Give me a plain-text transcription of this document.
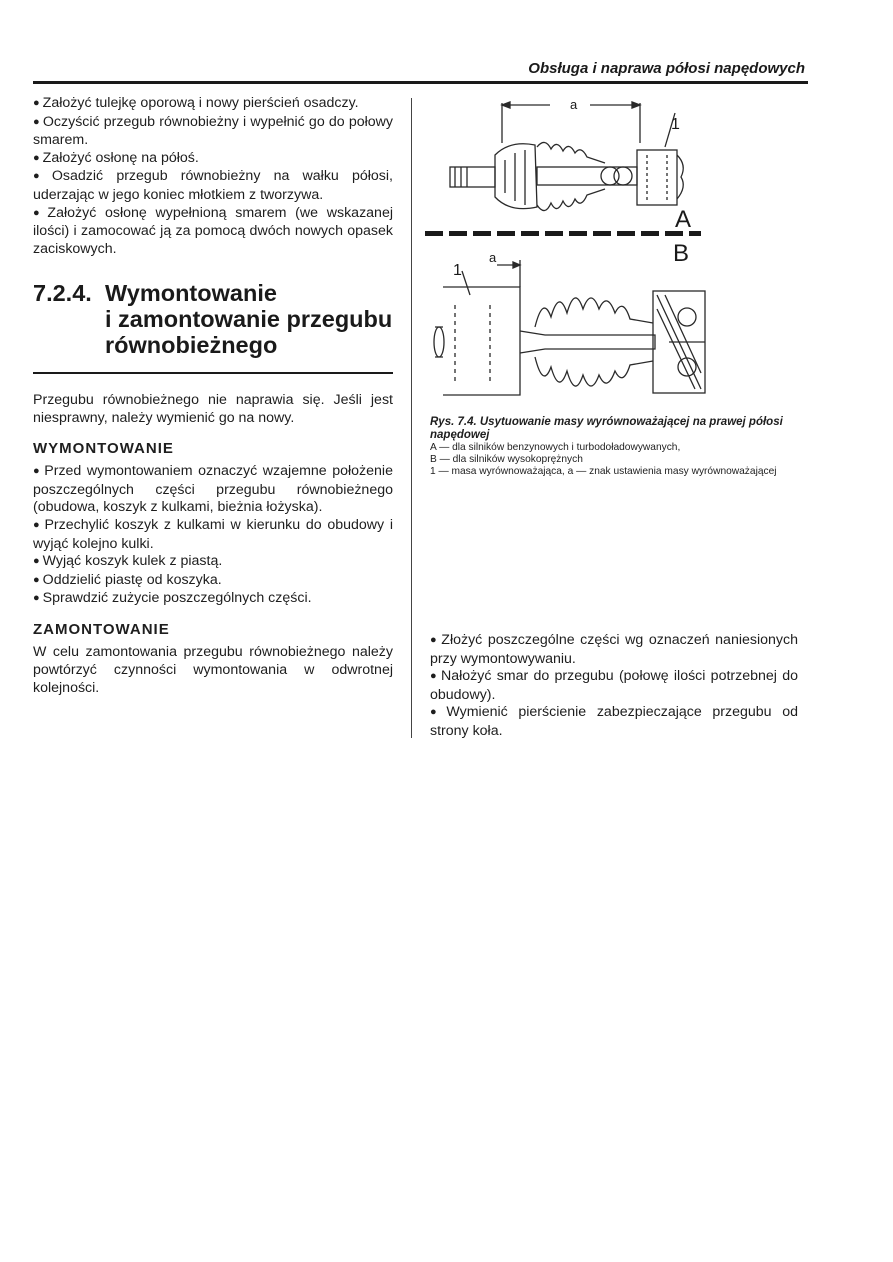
Obsługa i naprawa półosi napędowych

● Założyć tulejkę oporową i nowy pierścień osadczy.

● Oczyścić przegub równobieżny i wypełnić go do połowy smarem.

● Założyć osłonę na półoś.

● Osadzić przegub równobieżny na wałku półosi, uderzając w jego koniec młotkiem z tworzywa.

● Założyć osłonę wypełnioną smarem (we wskazanej ilości) i zamocować ją za pomocą dwóch nowych opasek zaciskowych.

7.2.4. Wymontowanie
i zamontowanie przegubu
równobieżnego

Przegubu równobieżnego nie naprawia się. Jeśli jest niesprawny, należy wymienić go na nowy.

WYMONTOWANIE

● Przed wymontowaniem oznaczyć wzajemne położenie poszczególnych części przegubu równobieżnego (obudowa, koszyk z kulkami, bieżnia łożyska).

● Przechylić koszyk z kulkami w kierunku do obudowy i wyjąć kolejno kulki.

● Wyjąć koszyk kulek z piastą.

● Oddzielić piastę od koszyka.

● Sprawdzić zużycie poszczególnych części.

ZAMONTOWANIE

W celu zamontowania przegubu równobieżnego należy powtórzyć czynności wymontowania w odwrotnej kolejności.

a
1
A
B
1
a

Rys. 7.4. Usytuowanie masy wyrównoważającej na prawej półosi napędowej

A — dla silników benzynowych i turbodoładowywanych,

B — dla silników wysokoprężnych

1 — masa wyrównoważająca, a — znak ustawienia masy wyrównoważającej

● Złożyć poszczególne części wg oznaczeń naniesionych przy wymontowywaniu.

● Nałożyć smar do przegubu (połowę ilości potrzebnej do obudowy).

● Wymienić pierścienie zabezpieczające przegubu od strony koła.
